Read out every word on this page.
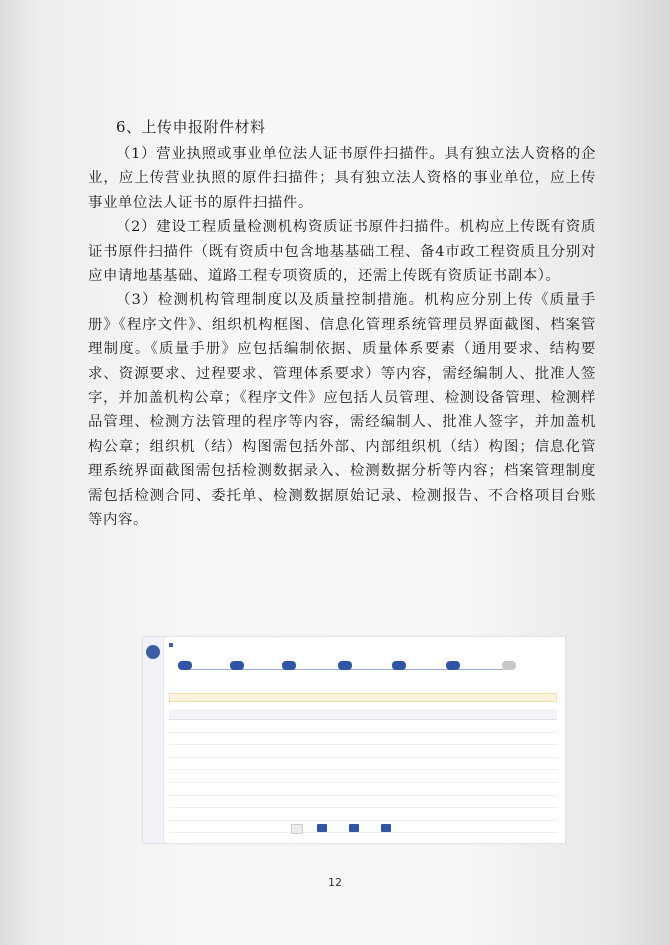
6、上传申报附件材料

（1）营业执照或事业单位法人证书原件扫描件。具有独立法人资格的企业，应上传营业执照的原件扫描件；具有独立法人资格的事业单位，应上传事业单位法人证书的原件扫描件。

（2）建设工程质量检测机构资质证书原件扫描件。机构应上传既有资质证书原件扫描件（既有资质中包含地基基础工程、备4市政工程资质且分别对应申请地基基础、道路工程专项资质的，还需上传既有资质证书副本）。

（3）检测机构管理制度以及质量控制措施。机构应分别上传《质量手册》《程序文件》、组织机构框图、信息化管理系统管理员界面截图、档案管理制度。《质量手册》应包括编制依据、质量体系要素（通用要求、结构要求、资源要求、过程要求、管理体系要求）等内容，需经编制人、批准人签字，并加盖机构公章；《程序文件》应包括人员管理、检测设备管理、检测样品管理、检测方法管理的程序等内容，需经编制人、批准人签字，并加盖机构公章；组织机（结）构图需包括外部、内部组织机（结）构图；信息化管理系统界面截图需包括检测数据录入、检测数据分析等内容；档案管理制度需包括检测合同、委托单、检测数据原始记录、检测报告、不合格项目台账等内容。

12
